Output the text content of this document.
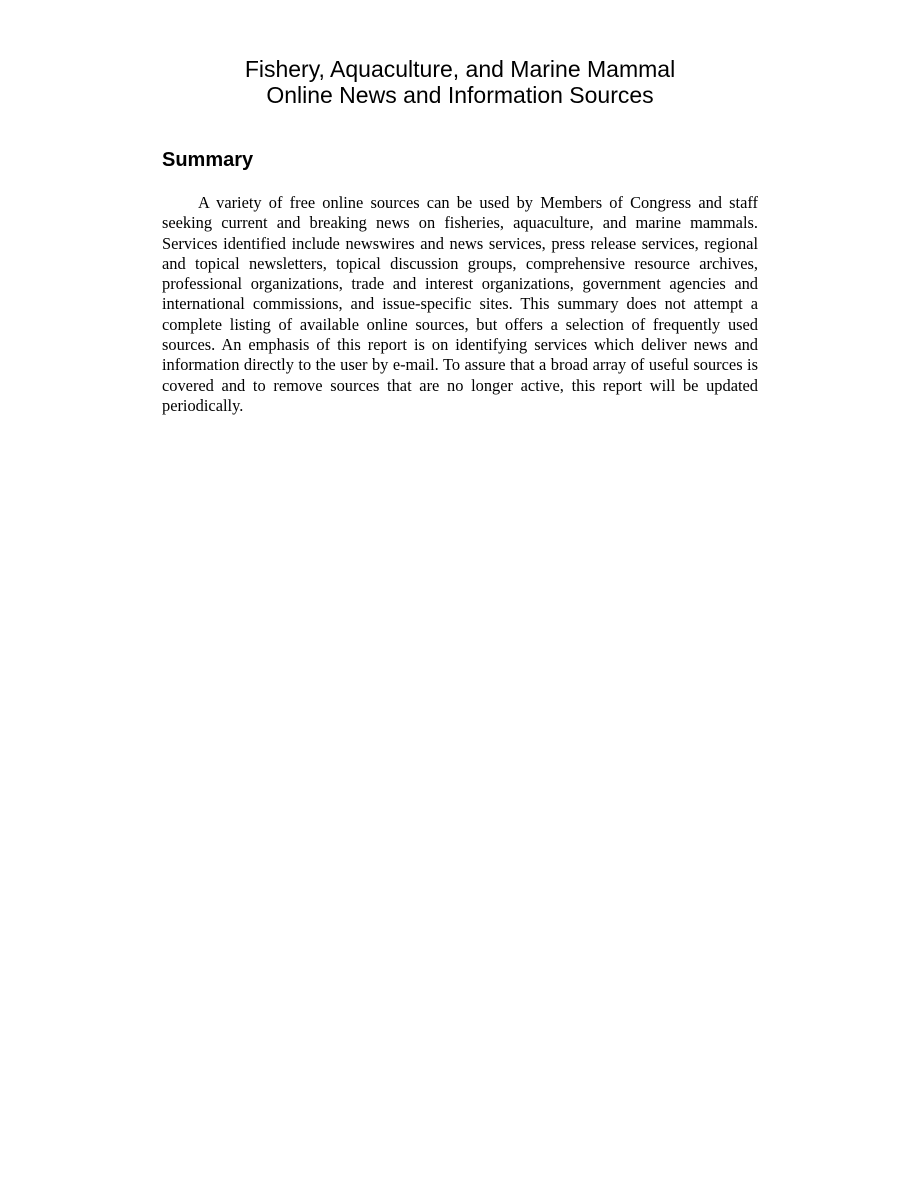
Fishery, Aquaculture, and Marine Mammal
Online News and Information Sources
Summary

A variety of free online sources can be used by Members of Congress and staff seeking current and breaking news on fisheries, aquaculture, and marine mammals. Services identified include newswires and news services, press release services, regional and topical newsletters, topical discussion groups, comprehensive resource archives, professional organizations, trade and interest organizations, government agencies and international commissions, and issue-specific sites. This summary does not attempt a complete listing of available online sources, but offers a selection of frequently used sources. An emphasis of this report is on identifying services which deliver news and information directly to the user by e-mail. To assure that a broad array of useful sources is covered and to remove sources that are no longer active, this report will be updated periodically.
